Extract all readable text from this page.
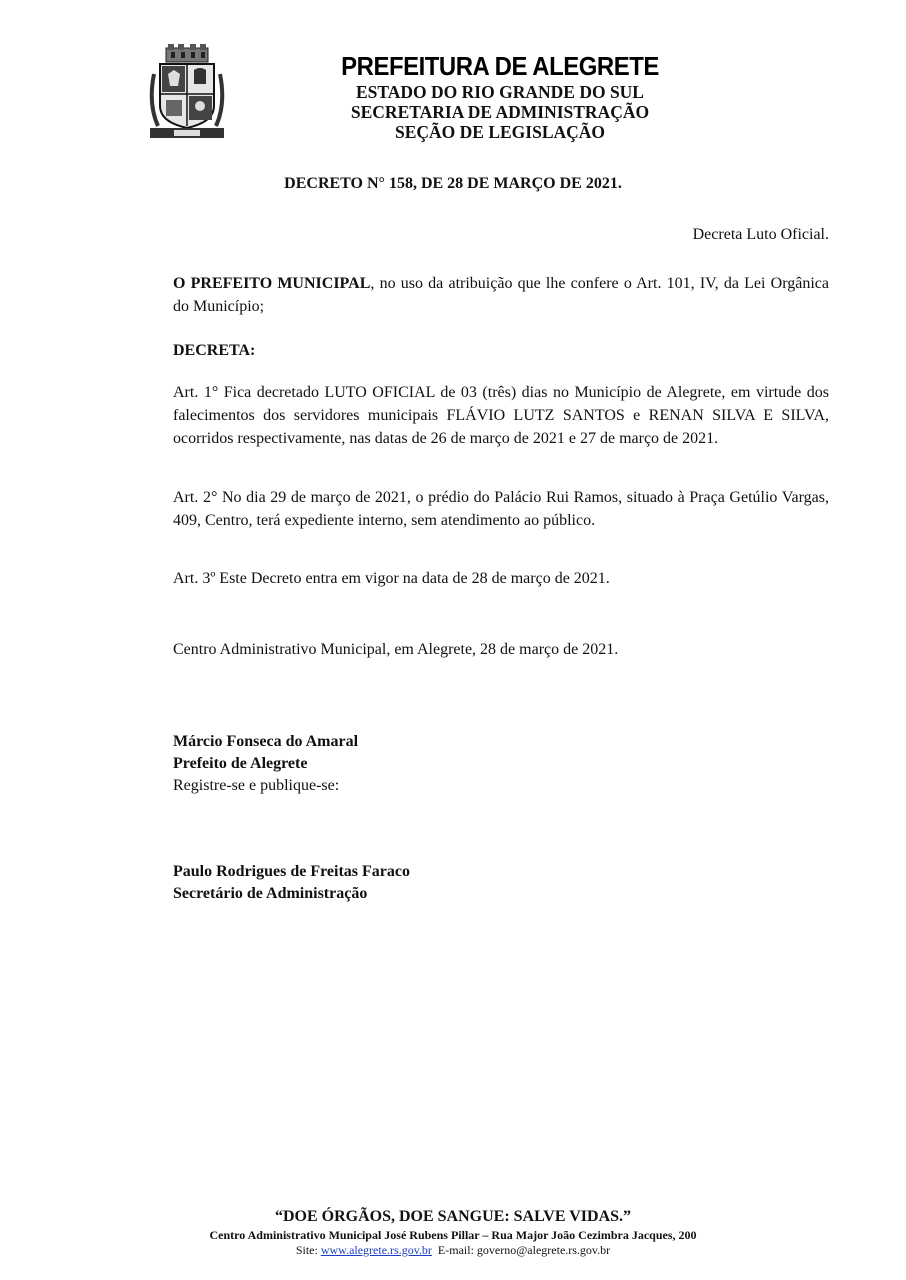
PREFEITURA DE ALEGRETE
ESTADO DO RIO GRANDE DO SUL
SECRETARIA DE ADMINISTRAÇÃO
SEÇÃO DE LEGISLAÇÃO
DECRETO N° 158, DE 28 DE MARÇO DE 2021.
Decreta Luto Oficial.
O PREFEITO MUNICIPAL, no uso da atribuição que lhe confere o Art. 101, IV, da Lei Orgânica do Município;
DECRETA:
Art. 1° Fica decretado LUTO OFICIAL de 03 (três) dias no Município de Alegrete, em virtude dos falecimentos dos servidores municipais FLÁVIO LUTZ SANTOS e RENAN SILVA E SILVA, ocorridos respectivamente, nas datas de 26 de março de 2021 e 27 de março de 2021.
Art. 2° No dia 29 de março de 2021, o prédio do Palácio Rui Ramos, situado à Praça Getúlio Vargas, 409, Centro, terá expediente interno, sem atendimento ao público.
Art. 3º Este Decreto entra em vigor na data de 28 de março de 2021.
Centro Administrativo Municipal, em Alegrete, 28 de março de 2021.
Márcio Fonseca do Amaral
Prefeito de Alegrete
Registre-se e publique-se:
Paulo Rodrigues de Freitas Faraco
Secretário de Administração
“DOE ÓRGÃOS, DOE SANGUE: SALVE VIDAS.”
Centro Administrativo Municipal José Rubens Pillar – Rua Major João Cezimbra Jacques, 200
Site: www.alegrete.rs.gov.br E-mail: governo@alegrete.rs.gov.br
